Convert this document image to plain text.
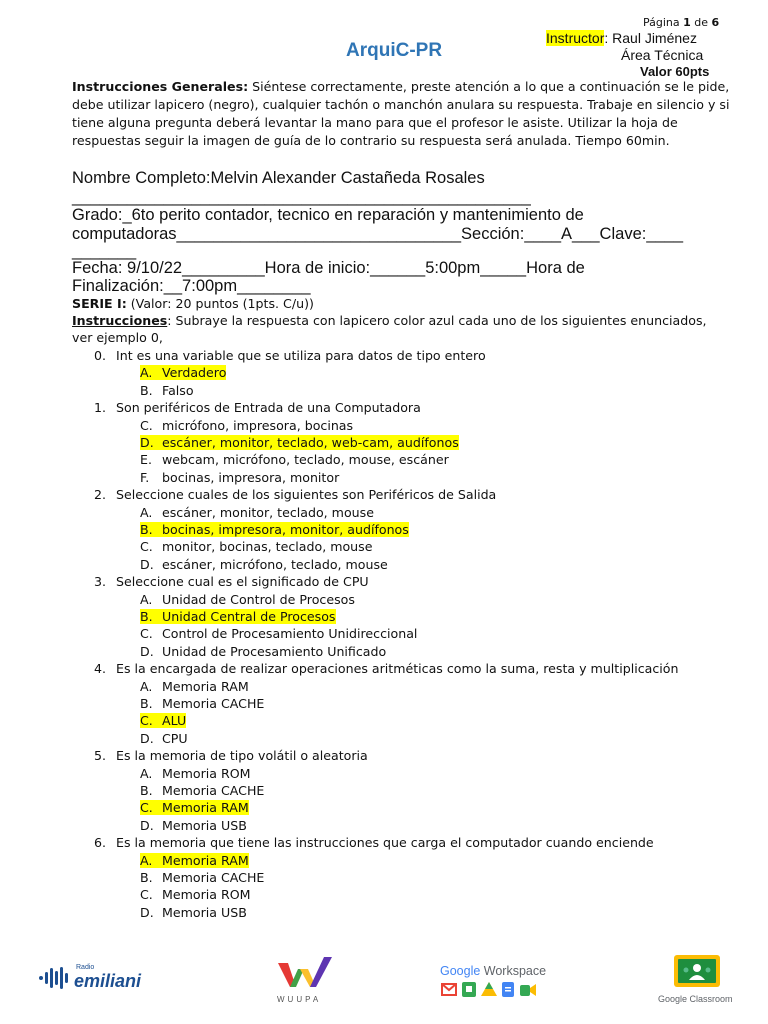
Página 1 de 6
ArquiC-PR
Instructor: Raul Jiménez
Área Técnica
Valor 60pts
Instrucciones Generales: Siéntese correctamente, preste atención a lo que a continuación se le pide, debe utilizar lapicero (negro), cualquier tachón o manchón anulara su respuesta. Trabaje en silencio y si tiene alguna pregunta deberá levantar la mano para que el profesor le asiste. Utilizar la hoja de respuestas seguir la imagen de guía de lo contrario su respuesta será anulada. Tiempo 60min.
Nombre Completo:Melvin Alexander Castañeda Rosales
__________________________________________________
Grado:_6to perito contador, tecnico en reparación y mantenimiento de
computadoras_______________________________Sección:____A___Clave:____
_______
Fecha: 9/10/22_________Hora de inicio:______5:00pm_____Hora de
Finalización:__7:00pm________
SERIE I: (Valor: 20 puntos (1pts. C/u))
Instrucciones: Subraye la respuesta con lapicero color azul cada uno de los siguientes enunciados, ver ejemplo 0,
0. Int es una variable que se utiliza para datos de tipo entero
A. Verdadero
B. Falso
1. Son periféricos de Entrada de una Computadora
C. micrófono, impresora, bocinas
D. escáner, monitor, teclado, web-cam, audífonos
E. webcam, micrófono, teclado, mouse, escáner
F. bocinas, impresora, monitor
2. Seleccione cuales de los siguientes son Periféricos de Salida
A. escáner, monitor, teclado, mouse
B. bocinas, impresora, monitor, audífonos
C. monitor, bocinas, teclado, mouse
D. escáner, micrófono, teclado, mouse
3. Seleccione cual es el significado de CPU
A. Unidad de Control de Procesos
B. Unidad Central de Procesos
C. Control de Procesamiento Unidireccional
D. Unidad de Procesamiento Unificado
4. Es la encargada de realizar operaciones aritméticas como la suma, resta y multiplicación
A. Memoria RAM
B. Memoria CACHE
C. ALU
D. CPU
5. Es la memoria de tipo volátil o aleatoria
A. Memoria ROM
B. Memoria CACHE
C. Memoria RAM
D. Memoria USB
6. Es la memoria que tiene las instrucciones que carga el computador cuando enciende
A. Memoria RAM
B. Memoria CACHE
C. Memoria ROM
D. Memoria USB
Radio
emiliani
WUUPA
Google Workspace
Google Classroom
